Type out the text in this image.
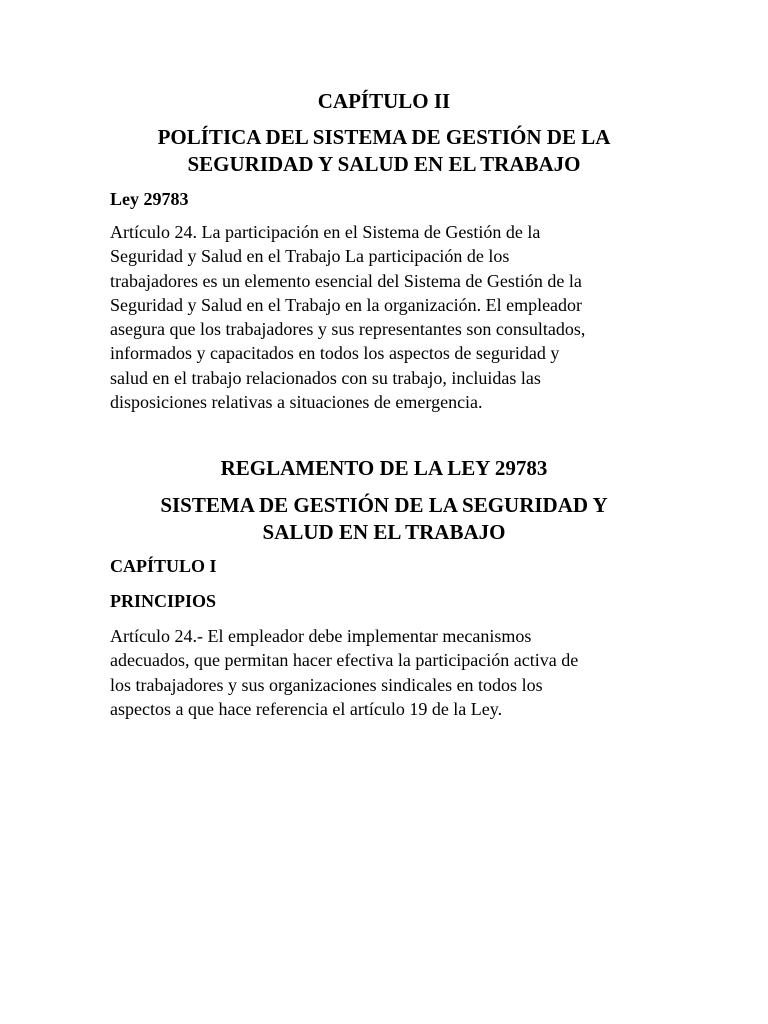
CAPÍTULO II
POLÍTICA DEL SISTEMA DE GESTIÓN DE LA
SEGURIDAD Y SALUD EN EL TRABAJO
Ley 29783

Artículo 24. La participación en el Sistema de Gestión de la
Seguridad y Salud en el Trabajo La participación de los
trabajadores es un elemento esencial del Sistema de Gestión de la
Seguridad y Salud en el Trabajo en la organización. El empleador
asegura que los trabajadores y sus representantes son consultados,
informados y capacitados en todos los aspectos de seguridad y
salud en el trabajo relacionados con su trabajo, incluidas las
disposiciones relativas a situaciones de emergencia.

REGLAMENTO DE LA LEY 29783
SISTEMA DE GESTIÓN DE LA SEGURIDAD Y
SALUD EN EL TRABAJO
CAPÍTULO I
PRINCIPIOS

Artículo 24.- El empleador debe implementar mecanismos
adecuados, que permitan hacer efectiva la participación activa de
los trabajadores y sus organizaciones sindicales en todos los
aspectos a que hace referencia el artículo 19 de la Ley.
